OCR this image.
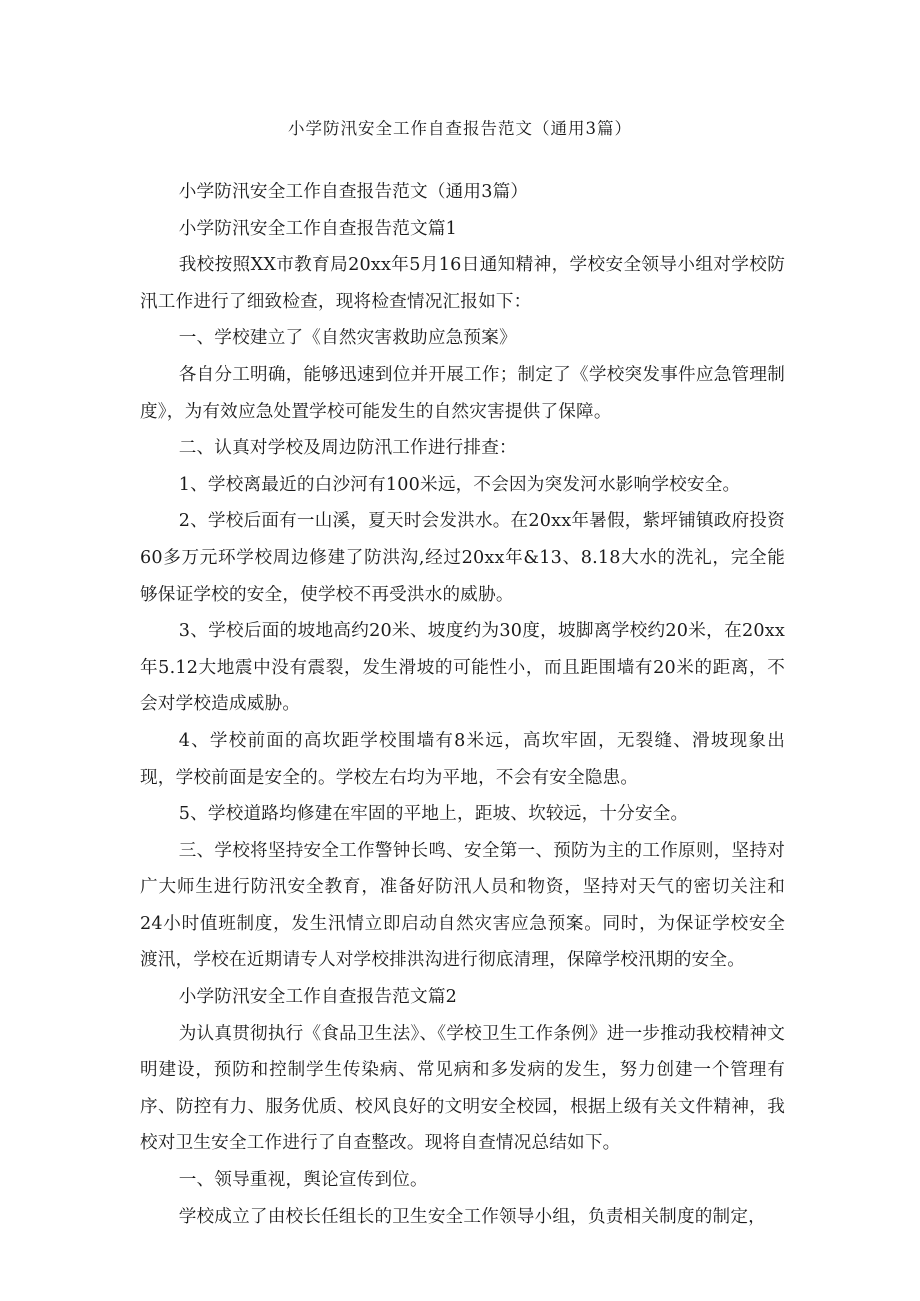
小学防汛安全工作自查报告范文（通用3篇）

小学防汛安全工作自查报告范文（通用3篇）

小学防汛安全工作自查报告范文篇1

我校按照XX市教育局20xx年5月16日通知精神，学校安全领导小组对学校防汛工作进行了细致检查，现将检查情况汇报如下：

一、学校建立了《自然灾害救助应急预案》

各自分工明确，能够迅速到位并开展工作；制定了《学校突发事件应急管理制度》，为有效应急处置学校可能发生的自然灾害提供了保障。

二、认真对学校及周边防汛工作进行排查：

1、学校离最近的白沙河有100米远，不会因为突发河水影响学校安全。

2、学校后面有一山溪，夏天时会发洪水。在20xx年暑假，紫坪铺镇政府投资60多万元环学校周边修建了防洪沟,经过20xx年&13、8.18大水的洗礼，完全能够保证学校的安全，使学校不再受洪水的威胁。

3、学校后面的坡地高约20米、坡度约为30度，坡脚离学校约20米，在20xx年5.12大地震中没有震裂，发生滑坡的可能性小，而且距围墙有20米的距离，不会对学校造成威胁。

4、学校前面的高坎距学校围墙有8米远，高坎牢固，无裂缝、滑坡现象出现，学校前面是安全的。学校左右均为平地，不会有安全隐患。

5、学校道路均修建在牢固的平地上，距坡、坎较远，十分安全。

三、学校将坚持安全工作警钟长鸣、安全第一、预防为主的工作原则，坚持对广大师生进行防汛安全教育，准备好防汛人员和物资，坚持对天气的密切关注和24小时值班制度，发生汛情立即启动自然灾害应急预案。同时，为保证学校安全渡汛，学校在近期请专人对学校排洪沟进行彻底清理，保障学校汛期的安全。

小学防汛安全工作自查报告范文篇2

为认真贯彻执行《食品卫生法》、《学校卫生工作条例》进一步推动我校精神文明建设，预防和控制学生传染病、常见病和多发病的发生，努力创建一个管理有序、防控有力、服务优质、校风良好的文明安全校园，根据上级有关文件精神，我校对卫生安全工作进行了自查整改。现将自查情况总结如下。

一、领导重视，舆论宣传到位。

学校成立了由校长任组长的卫生安全工作领导小组，负责相关制度的制定，
